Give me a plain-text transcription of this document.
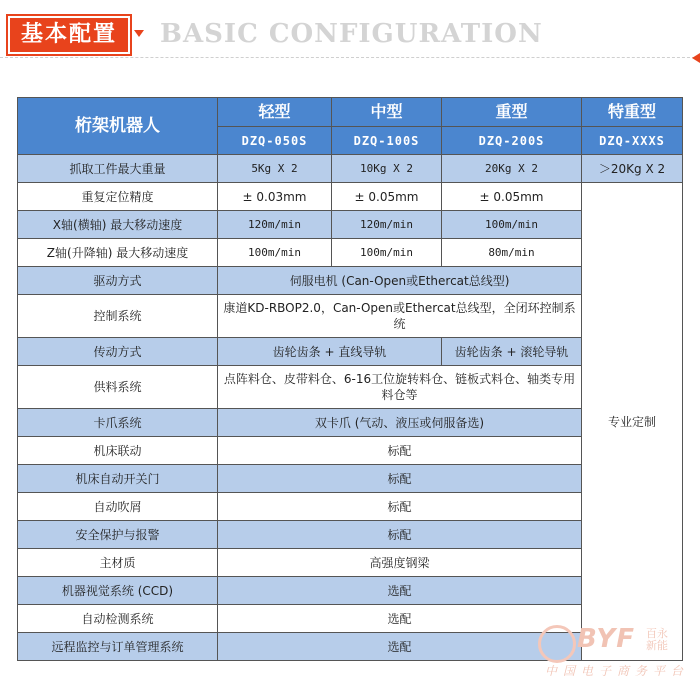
基本配置	BASIC CONFIGURATION
桁架机器人	轻型	中型	重型	特重型
	DZQ-050S	DZQ-100S	DZQ-200S	DZQ-XXXS
抓取工件最大重量	5Kg X 2	10Kg X 2	20Kg X 2	＞20Kg X 2
重复定位精度	± 0.03mm	± 0.05mm	± 0.05mm	专业定制
X轴(横轴) 最大移动速度	120m/min	120m/min	100m/min	
Z轴(升降轴) 最大移动速度	100m/min	100m/min	80m/min	
驱动方式	伺服电机 (Can-Open或Ethercat总线型)			
控制系统	康道KD-RBOP2.0，Can-Open或Ethercat总线型，全闭环控制系统			
传动方式	齿轮齿条 + 直线导轨		齿轮齿条 + 滚轮导轨	
供料系统	点阵料仓、皮带料仓、6-16工位旋转料仓、链板式料仓、轴类专用料仓等			
卡爪系统	双卡爪 (气动、液压或伺服备选)			
机床联动	标配			
机床自动开关门	标配			
自动吹屑	标配			
安全保护与报警	标配			
主材质	高强度钢梁			
机器视觉系统 (CCD)	选配			
自动检测系统	选配			
远程监控与订单管理系统	选配				BYF 百永新能
中国电子商务平台
